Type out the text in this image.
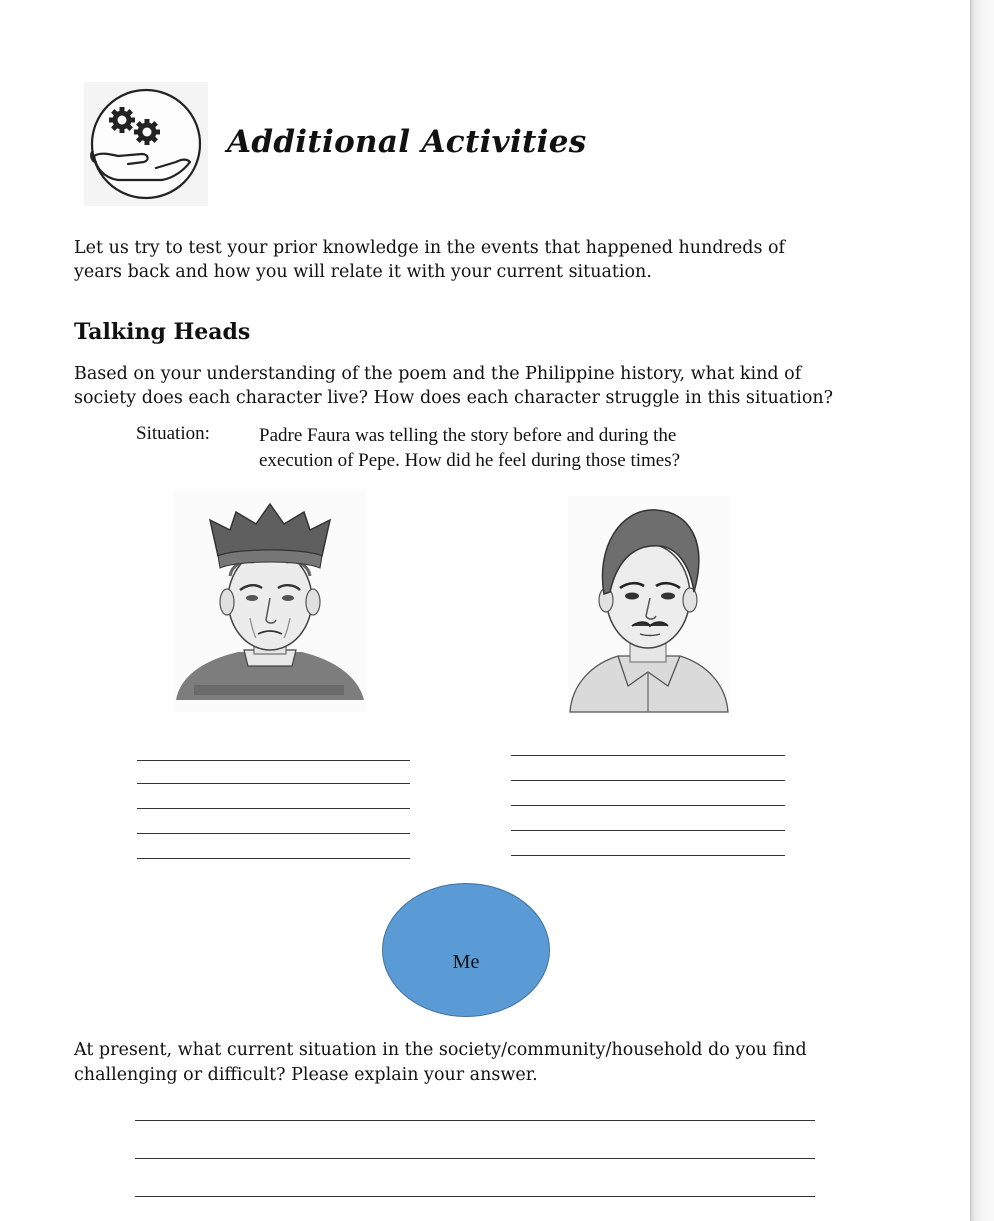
Additional Activities
Let us try to test your prior knowledge in the events that happened hundreds of
years back and how you will relate it with your current situation.
Talking Heads
Based on your understanding of the poem and the Philippine history, what kind of
society does each character live? How does each character struggle in this situation?
Situation:	Padre Faura was telling the story before and during the
execution of Pepe. How did he feel during those times?
Me
At present, what current situation in the society/community/household do you find
challenging or difficult? Please explain your answer.
